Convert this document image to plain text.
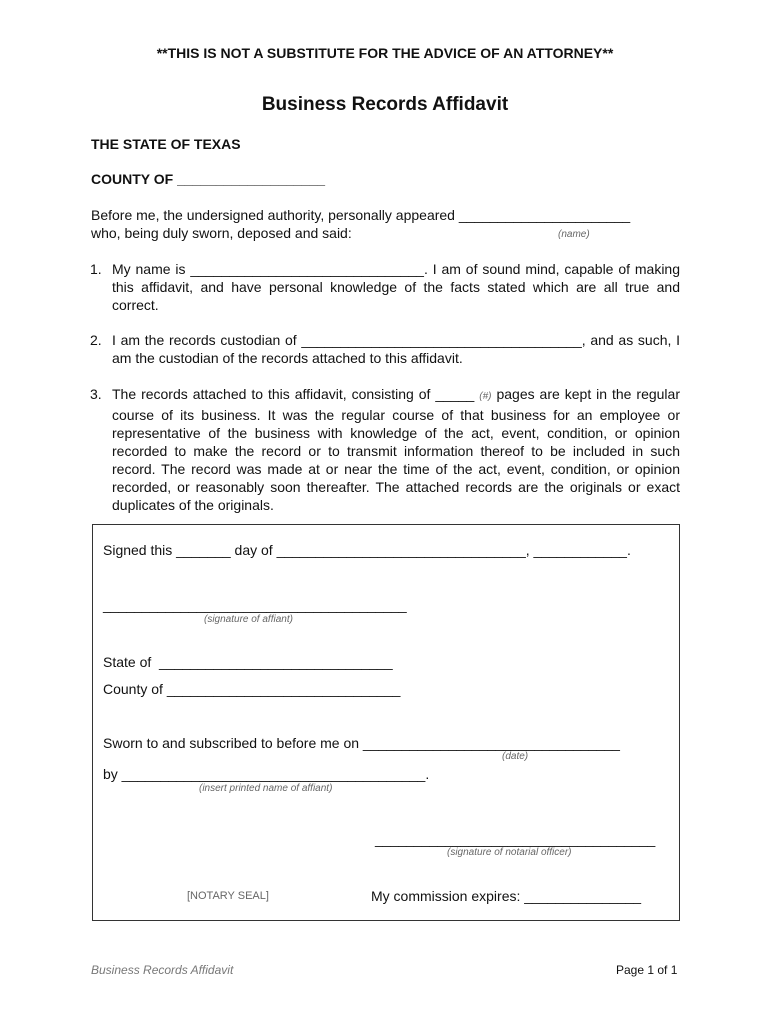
**THIS IS NOT A SUBSTITUTE FOR THE ADVICE OF AN ATTORNEY**
Business Records Affidavit
THE STATE OF TEXAS
COUNTY OF ___________________
Before me, the undersigned authority, personally appeared ______________________
who, being duly sworn, deposed and said:	(name)
1. My name is ______________________________. I am of sound mind, capable of making this affidavit, and have personal knowledge of the facts stated which are all true and correct.
2. I am the records custodian of ____________________________________, and as such, I am the custodian of the records attached to this affidavit.
3. The records attached to this affidavit, consisting of _____ (#) pages are kept in the regular course of its business. It was the regular course of that business for an employee or representative of the business with knowledge of the act, event, condition, or opinion recorded to make the record or to transmit information thereof to be included in such record. The record was made at or near the time of the act, event, condition, or opinion recorded, or reasonably soon thereafter. The attached records are the originals or exact duplicates of the originals.
Signed this _______ day of ________________________________, ____________.
_______________________________________
(signature of affiant)
State of  ______________________________
County of ______________________________
Sworn to and subscribed to before me on _________________________________
(date)
by _______________________________________.
(insert printed name of affiant)
____________________________________
(signature of notarial officer)
[NOTARY SEAL]	My commission expires: _______________
Business Records Affidavit	Page 1 of 1
